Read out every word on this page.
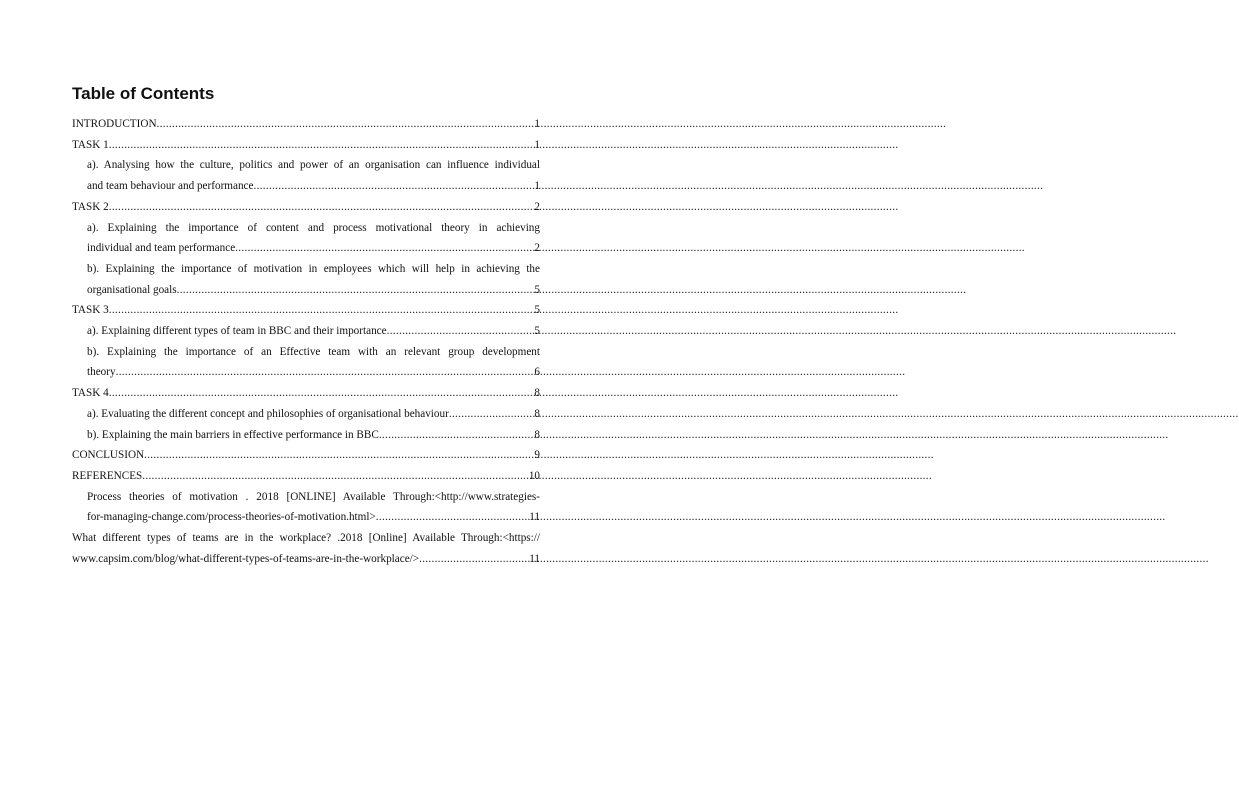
Table of Contents
INTRODUCTION .....	1
TASK 1 .....	1
a). Analysing how the culture, politics and power of an organisation can influence individual
and team behaviour and performance .....	1
TASK 2 .....	2
a). Explaining the importance of content and process motivational theory in achieving
individual and team performance .....	2
b). Explaining the importance of motivation in employees which will help in achieving the
organisational goals .....	5
TASK 3 .....	5
a). Explaining different types of team in BBC and their importance .....	5
b). Explaining the importance of an Effective team with an relevant group development
theory .....	6
TASK 4 .....	8
a). Evaluating the different concept and philosophies of organisational behaviour .....	8
b). Explaining the main barriers in effective performance in BBC .....	8
CONCLUSION .....	9
REFERENCES .....	10
Process theories of motivation . 2018 [ONLINE] Available Through:<http://www.strategies-
for-managing-change.com/process-theories-of-motivation.html> .....	11
What different types of teams are in the workplace? .2018 [Online] Available Through:<https://
www.capsim.com/blog/what-different-types-of-teams-are-in-the-workplace/> .....	11
